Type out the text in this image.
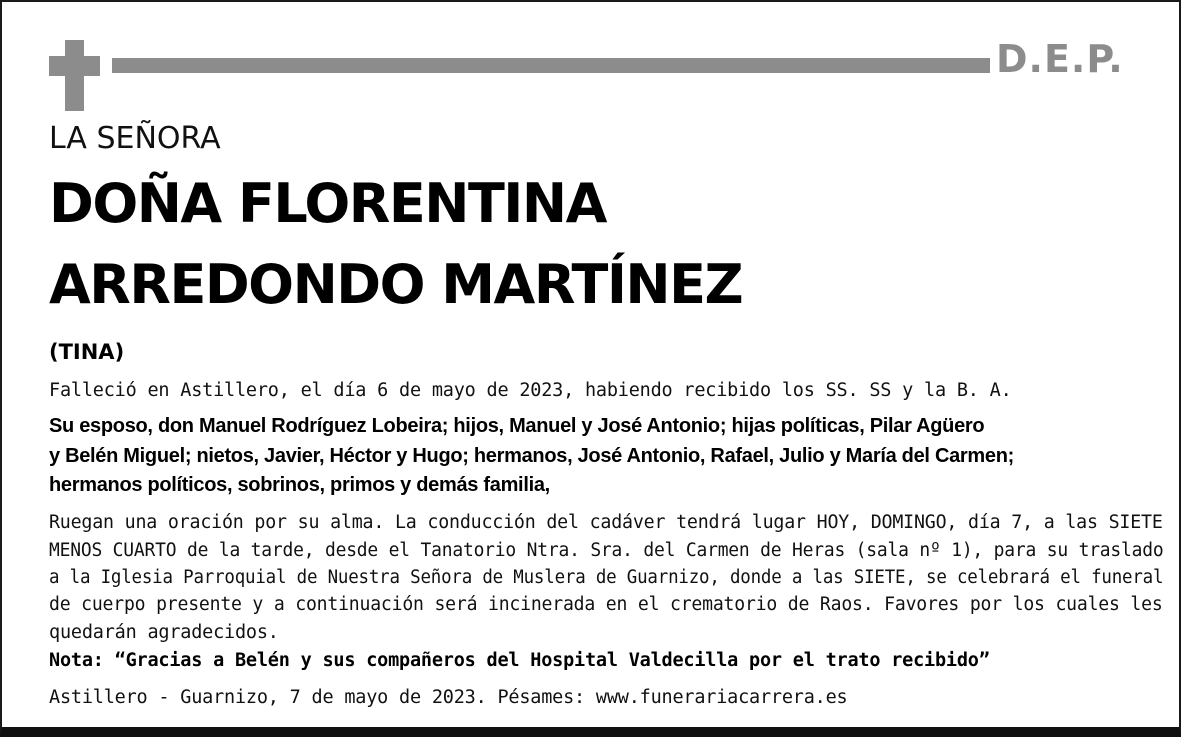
D.E.P.
LA SEÑORA
DOÑA FLORENTINA
ARREDONDO MARTÍNEZ
(TINA)
Falleció en Astillero, el día 6 de mayo de 2023, habiendo recibido los SS. SS y la B. A.
Su esposo, don Manuel Rodríguez Lobeira; hijos, Manuel y José Antonio; hijas políticas, Pilar Agüero
y Belén Miguel; nietos, Javier, Héctor y Hugo; hermanos, José Antonio, Rafael, Julio y María del Carmen;
hermanos políticos, sobrinos, primos y demás familia,
Ruegan una oración por su alma. La conducción del cadáver tendrá lugar HOY, DOMINGO, día 7, a las SIETE
MENOS CUARTO de la tarde, desde el Tanatorio Ntra. Sra. del Carmen de Heras (sala nº 1), para su traslado
a la Iglesia Parroquial de Nuestra Señora de Muslera de Guarnizo, donde a las SIETE, se celebrará el funeral
de cuerpo presente y a continuación será incinerada en el crematorio de Raos. Favores por los cuales les
quedarán agradecidos.
Nota: “Gracias a Belén y sus compañeros del Hospital Valdecilla por el trato recibido”
Astillero - Guarnizo, 7 de mayo de 2023. Pésames: www.funerariacarrera.es
